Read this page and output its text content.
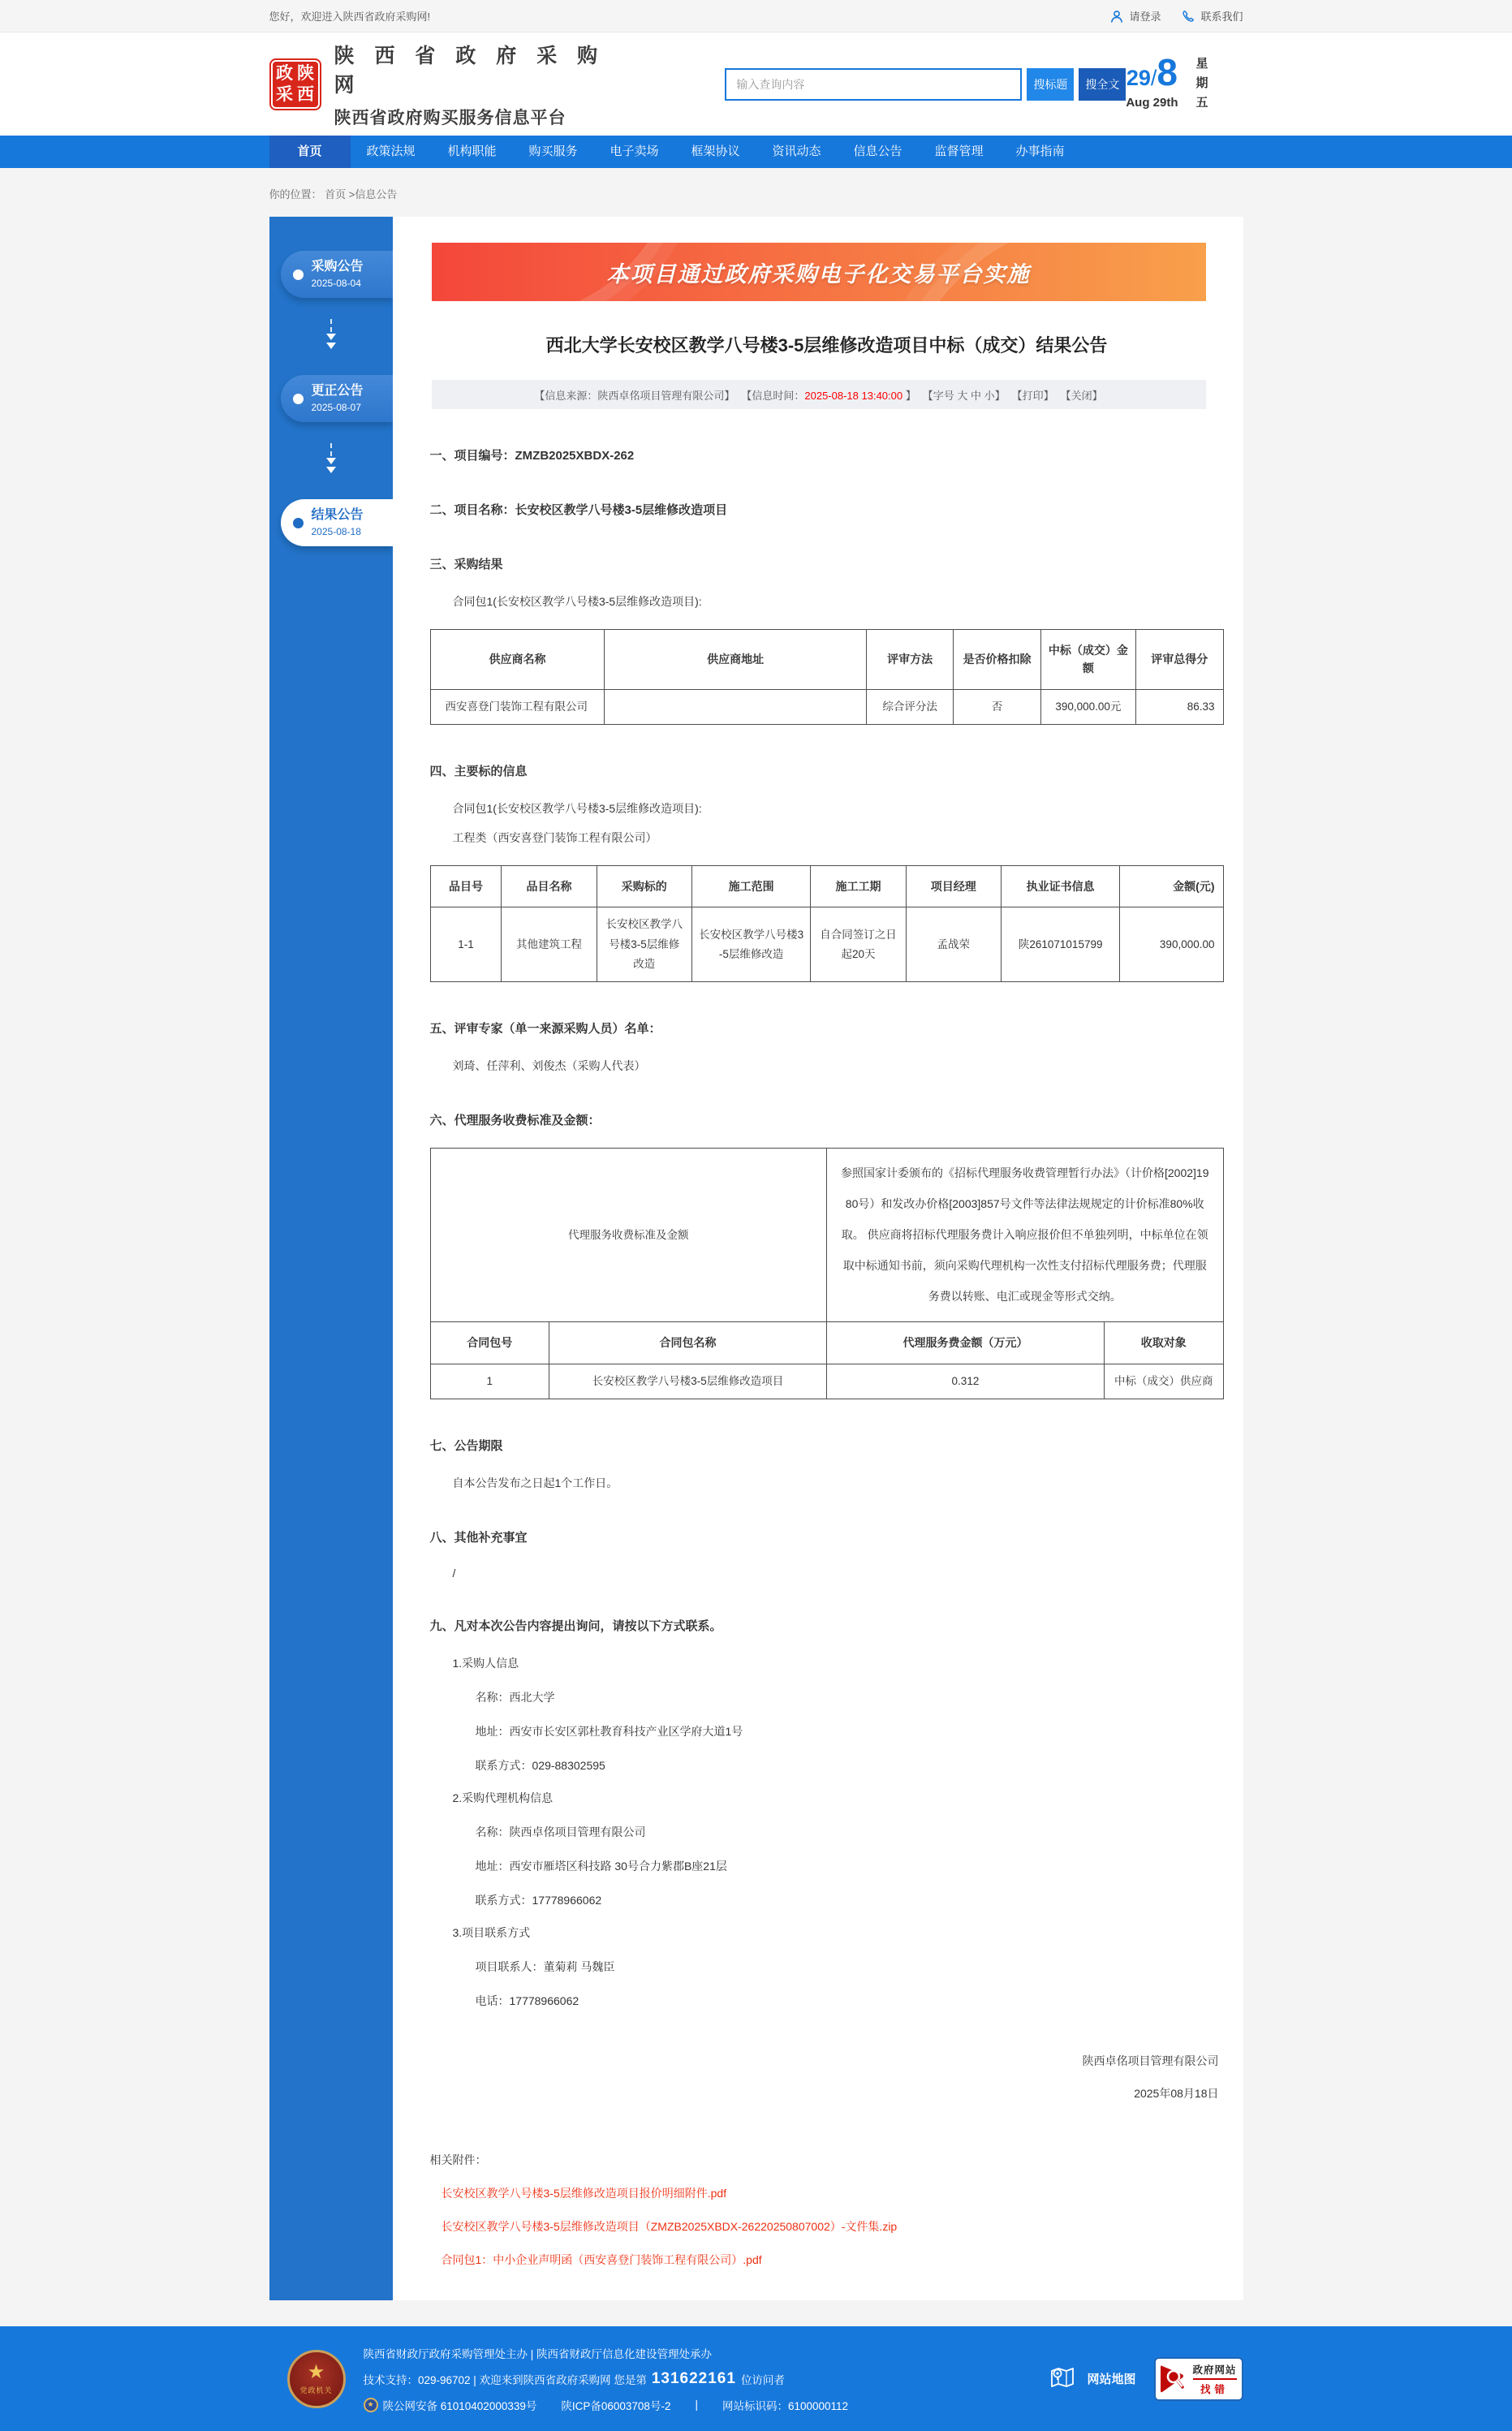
您好，欢迎进入陕西省政府采购网!	请登录	联系我们
政 陕
采 西
陕 西 省 政 府 采 购 网
陕西省政府购买服务信息平台
输入查询内容
搜标题	搜全文 29/8
Aug 29th 星期五
首页	政策法规	机构职能	购买服务	电子卖场	框架协议	资讯动态	信息公告	监督管理	办事指南
你的位置： 首页 >信息公告
采购公告
2025-08-04
更正公告
2025-08-07
结果公告
2025-08-18
本项目通过政府采购电子化交易平台实施
西北大学长安校区教学八号楼3-5层维修改造项目中标（成交）结果公告
【信息来源：陕西卓佲项目管理有限公司】 【信息时间：2025-08-18 13:40:00 】 【字号 大 中 小】 【打印】 【关闭】
一、项目编号：ZMZB2025XBDX-262
二、项目名称：长安校区教学八号楼3-5层维修改造项目
三、采购结果
合同包1(长安校区教学八号楼3-5层维修改造项目):
供应商名称	供应商地址	评审方法	是否价格扣除	中标（成交）金额	评审总得分
西安喜登门装饰工程有限公司		综合评分法	否	390,000.00元	86.33
四、主要标的信息
合同包1(长安校区教学八号楼3-5层维修改造项目):
工程类（西安喜登门装饰工程有限公司）
品目号	品目名称	采购标的	施工范围	施工工期	项目经理	执业证书信息	金额(元)
1-1	其他建筑工程	长安校区教学八号楼3-5层维修改造	长安校区教学八号楼3-5层维修改造	自合同签订之日起20天	孟战荣	陕261071015799	390,000.00
五、评审专家（单一来源采购人员）名单：
刘琦、任萍利、刘俊杰（采购人代表）
六、代理服务收费标准及金额：
代理服务收费标准及金额		参照国家计委颁布的《招标代理服务收费管理暂行办法》（计价格[2002]1980号）和发改办价格[2003]857号文件等法律法规规定的计价标准80%收取。 供应商将招标代理服务费计入响应报价但不单独列明，中标单位在领取中标通知书前，须向采购代理机构一次性支付招标代理服务费；代理服务费以转账、电汇或现金等形式交纳。	
合同包号	合同包名称	代理服务费金额（万元）	收取对象
1	长安校区教学八号楼3-5层维修改造项目	0.312	中标（成交）供应商
七、公告期限
自本公告发布之日起1个工作日。
八、其他补充事宜
/
九、凡对本次公告内容提出询问，请按以下方式联系。
1.采购人信息
名称：西北大学
地址：西安市长安区郭杜教育科技产业区学府大道1号
联系方式：029-88302595
2.采购代理机构信息
名称：陕西卓佲项目管理有限公司
地址：西安市雁塔区科技路 30号合力紫郡B座21层
联系方式：17778966062
3.项目联系方式
项目联系人：董菊莉 马魏臣
电话：17778966062
陕西卓佲项目管理有限公司
2025年08月18日
相关附件：
长安校区教学八号楼3-5层维修改造项目报价明细附件.pdf
长安校区教学八号楼3-5层维修改造项目（ZMZB2025XBDX-26220250807002）-文件集.zip
合同包1：中小企业声明函（西安喜登门装饰工程有限公司）.pdf
★
党政机关
陕西省财政厅政府采购管理处主办 | 陕西省财政厅信息化建设管理处承办
技术支持：029-96702 | 欢迎来到陕西省政府采购网 您是第 131622161 位访问者
★
陕公网安备 61010402000339号 陕ICP备06003708号-2 | 网站标识码：6100000112
网站地图
政府网站
找错
